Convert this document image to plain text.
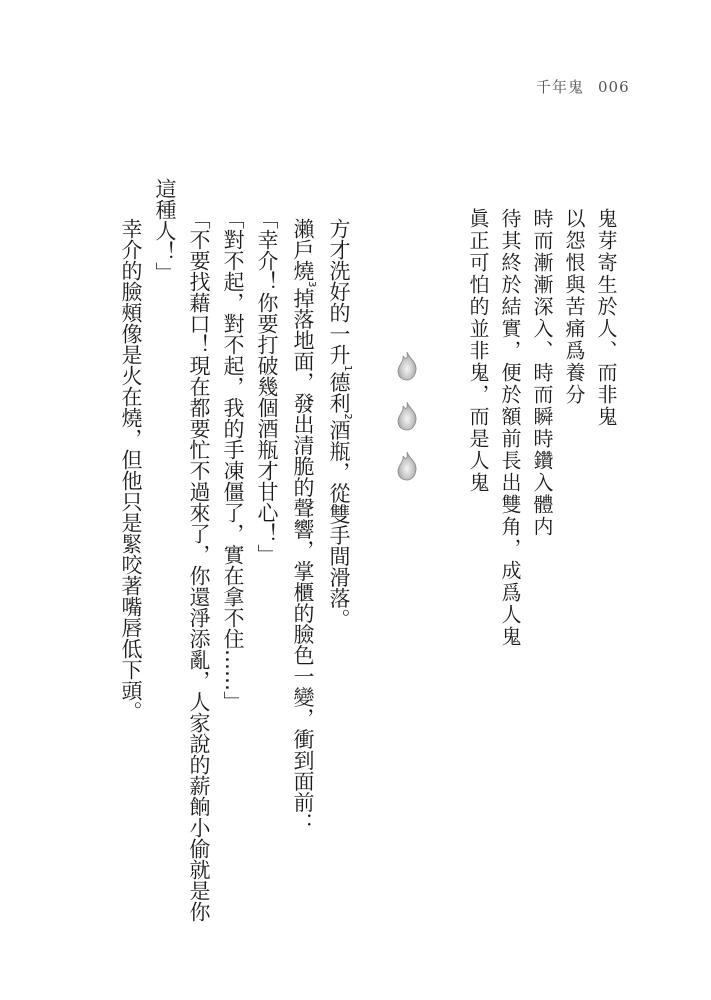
千年鬼 006
鬼芽寄生於人、而非鬼
以怨恨與苦痛爲養分
時而漸漸深入、時而瞬時鑽入體内
待其終於結實，便於額前長出雙角，成爲人鬼
眞正可怕的並非鬼，而是人鬼
方才洗好的一升$^1$德利$^2$酒瓶，從雙手間滑落。
瀨戶燒$^3$掉落地面，發出清脆的聲響，掌櫃的臉色一變，衝到面前：
「幸介！你要打破幾個酒瓶才甘心！」
「對不起，對不起，我的手凍僵了，實在拿不住……」
「不要找藉口！現在都要忙不過來了，你還淨添亂，人家說的薪餉小偷就是你
這種人！」
幸介的臉頰像是火在燒，但他只是緊咬著嘴唇低下頭。
